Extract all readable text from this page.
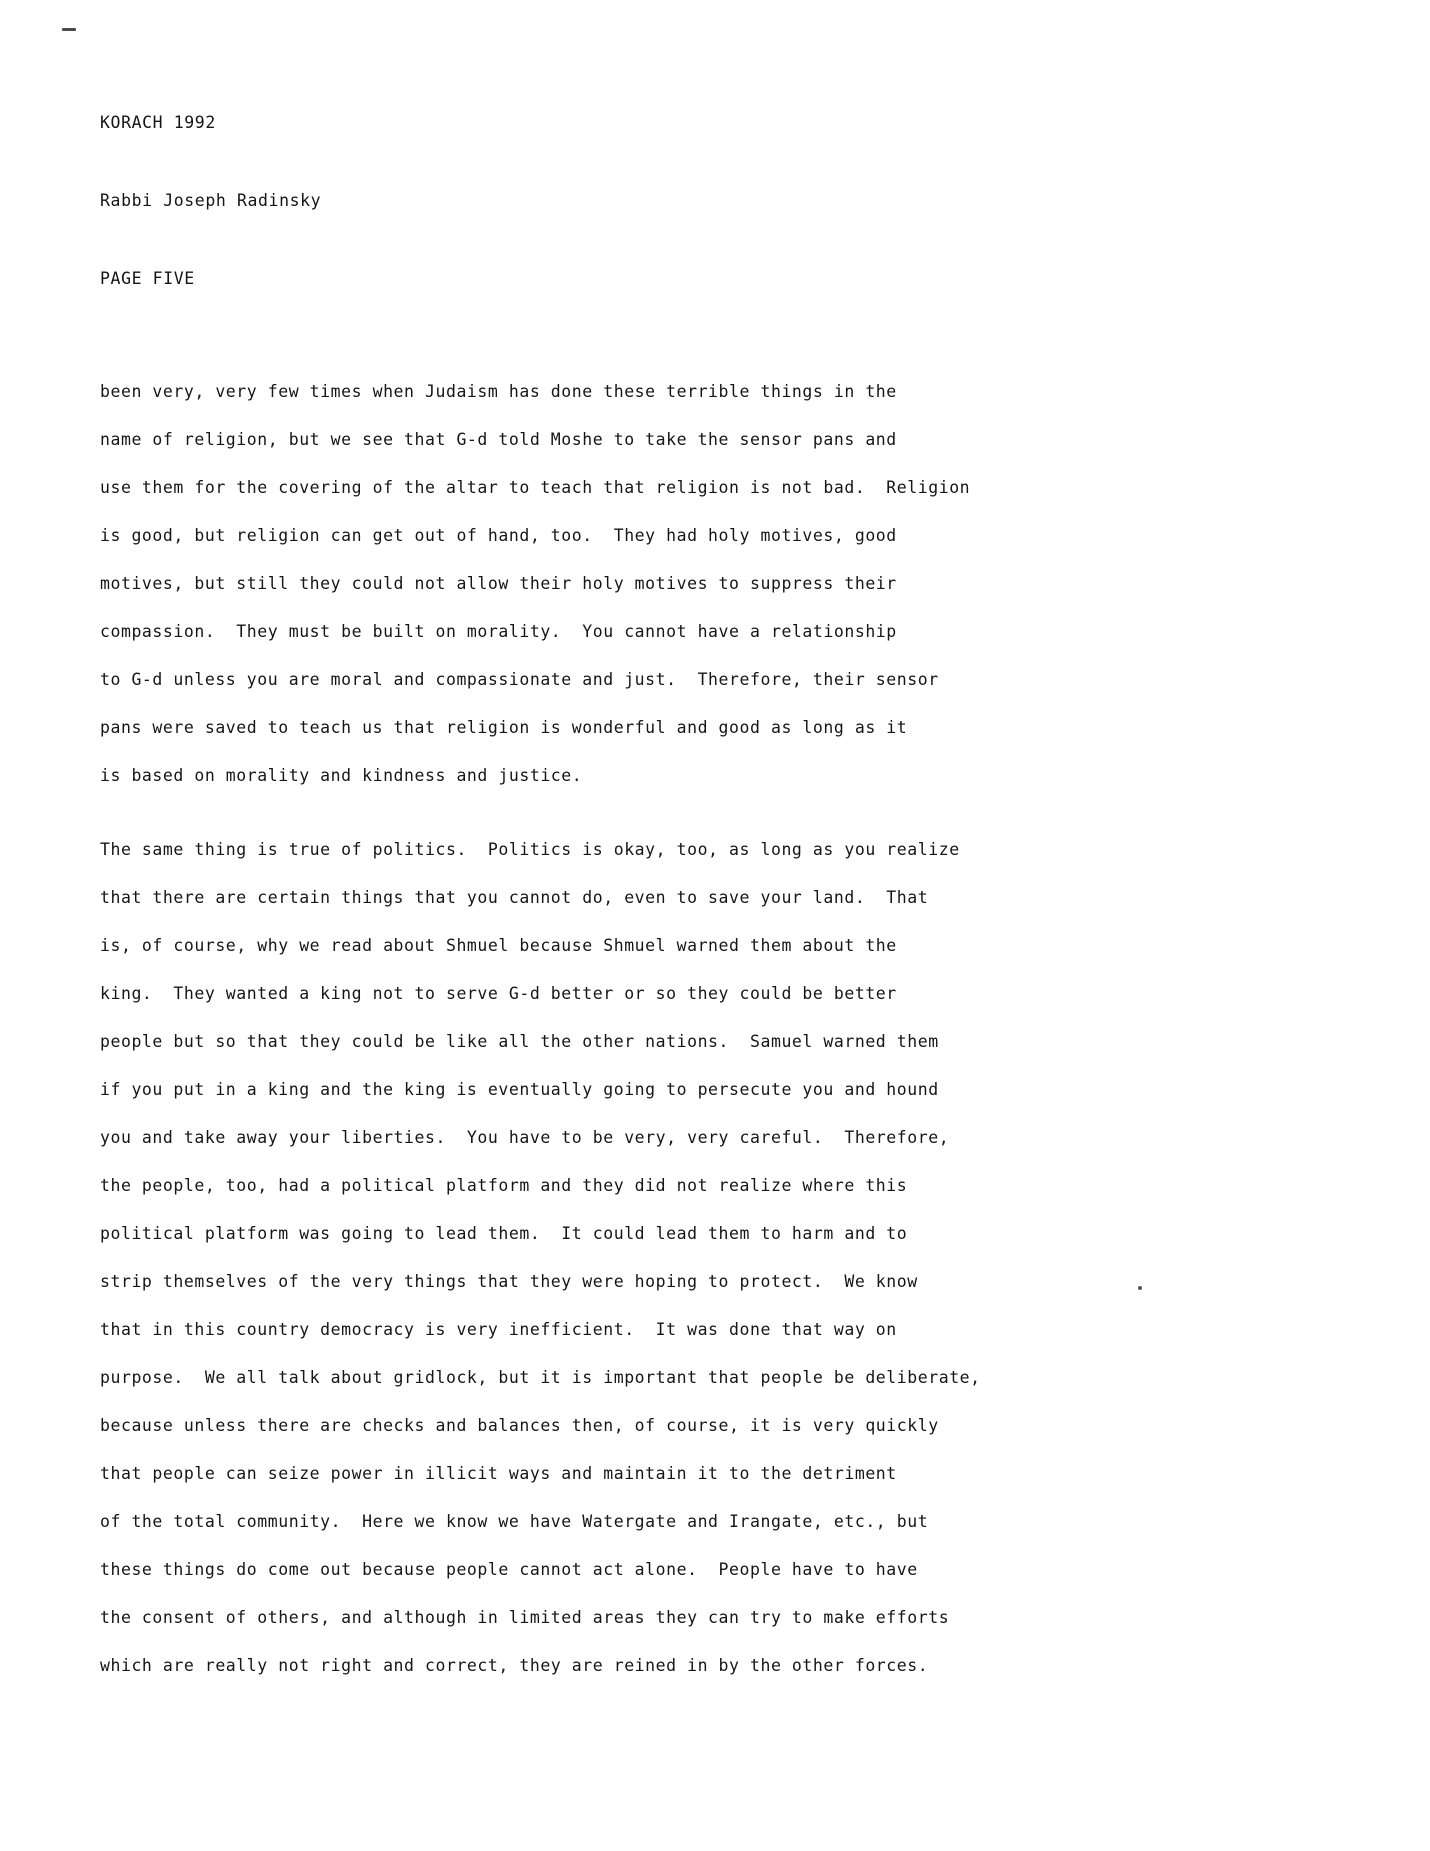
KORACH 1992

Rabbi Joseph Radinsky

PAGE FIVE

been very, very few times when Judaism has done these terrible things in the name of religion, but we see that G-d told Moshe to take the sensor pans and use them for the covering of the altar to teach that religion is not bad.  Religion is good, but religion can get out of hand, too.  They had holy motives, good motives, but still they could not allow their holy motives to suppress their compassion.  They must be built on morality.  You cannot have a relationship to G-d unless you are moral and compassionate and just.  Therefore, their sensor pans were saved to teach us that religion is wonderful and good as long as it is based on morality and kindness and justice.

The same thing is true of politics.  Politics is okay, too, as long as you realize that there are certain things that you cannot do, even to save your land.  That is, of course, why we read about Shmuel because Shmuel warned them about the king.  They wanted a king not to serve G-d better or so they could be better people but so that they could be like all the other nations.  Samuel warned them if you put in a king and the king is eventually going to persecute you and hound you and take away your liberties.  You have to be very, very careful.  Therefore, the people, too, had a political platform and they did not realize where this political platform was going to lead them.  It could lead them to harm and to strip themselves of the very things that they were hoping to protect.  We know that in this country democracy is very inefficient.  It was done that way on purpose.  We all talk about gridlock, but it is important that people be deliberate, because unless there are checks and balances then, of course, it is very quickly that people can seize power in illicit ways and maintain it to the detriment of the total community.  Here we know we have Watergate and Irangate, etc., but these things do come out because people cannot act alone.  People have to have the consent of others, and although in limited areas they can try to make efforts which are really not right and correct, they are reined in by the other forces.
